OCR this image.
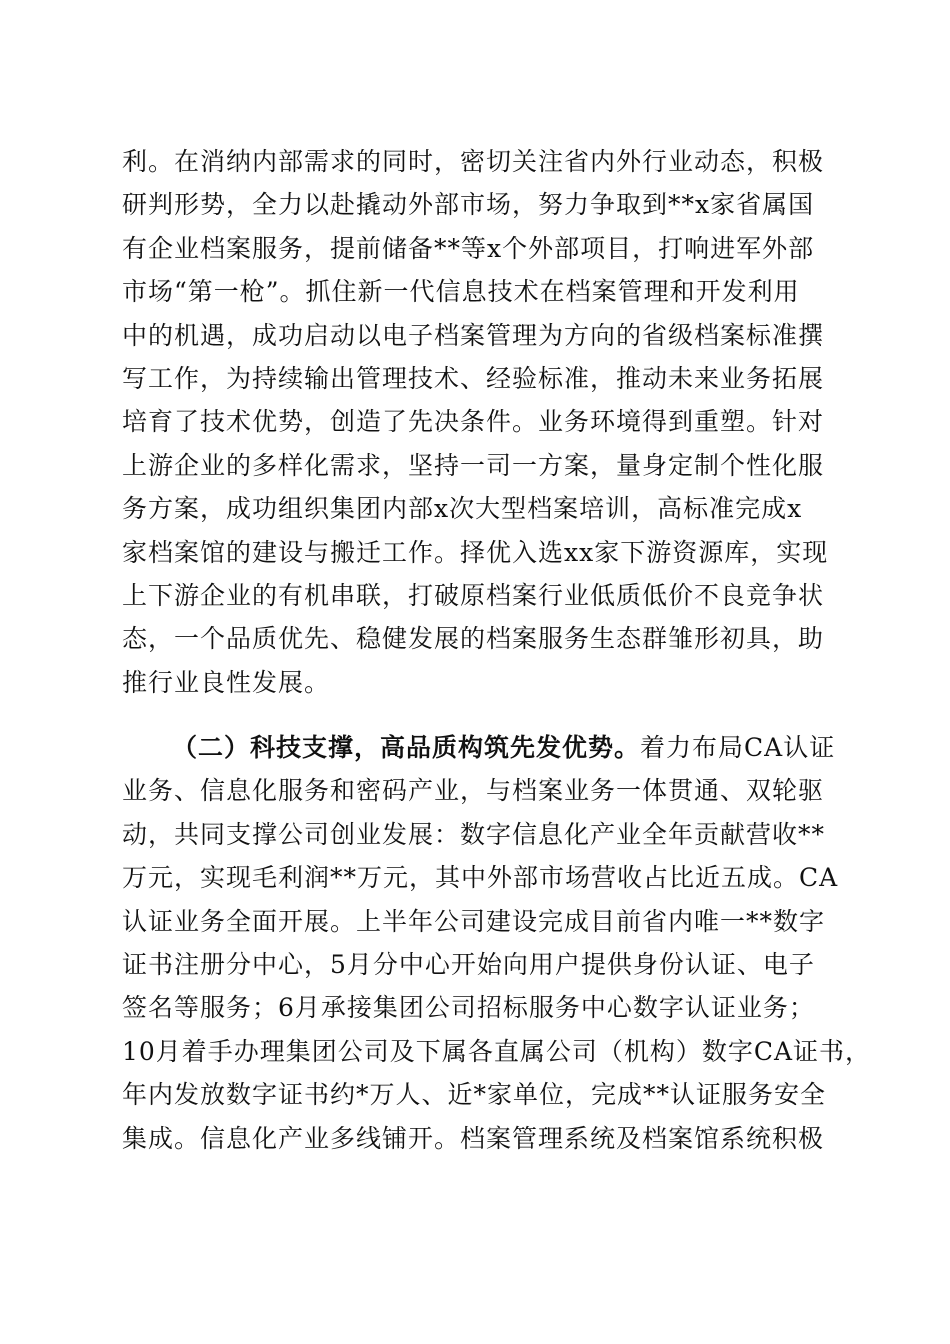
利。在消纳内部需求的同时，密切关注省内外行业动态，积极
研判形势，全力以赴撬动外部市场，努力争取到**x家省属国
有企业档案服务，提前储备**等x个外部项目，打响进军外部
市场“第一枪”。抓住新一代信息技术在档案管理和开发利用
中的机遇，成功启动以电子档案管理为方向的省级档案标准撰
写工作，为持续输出管理技术、经验标准，推动未来业务拓展
培育了技术优势，创造了先决条件。业务环境得到重塑。针对
上游企业的多样化需求，坚持一司一方案，量身定制个性化服
务方案，成功组织集团内部x次大型档案培训，高标准完成x
家档案馆的建设与搬迁工作。择优入选xx家下游资源库，实现
上下游企业的有机串联，打破原档案行业低质低价不良竞争状
态，一个品质优先、稳健发展的档案服务生态群雏形初具，助
推行业良性发展。
（二）科技支撑，高品质构筑先发优势。着力布局CA认证
业务、信息化服务和密码产业，与档案业务一体贯通、双轮驱
动，共同支撑公司创业发展：数字信息化产业全年贡献营收**
万元，实现毛利润**万元，其中外部市场营收占比近五成。CA
认证业务全面开展。上半年公司建设完成目前省内唯一**数字
证书注册分中心，5月分中心开始向用户提供身份认证、电子
签名等服务；6月承接集团公司招标服务中心数字认证业务；
10月着手办理集团公司及下属各直属公司（机构）数字CA证书，
年内发放数字证书约*万人、近*家单位，完成**认证服务安全
集成。信息化产业多线铺开。档案管理系统及档案馆系统积极
